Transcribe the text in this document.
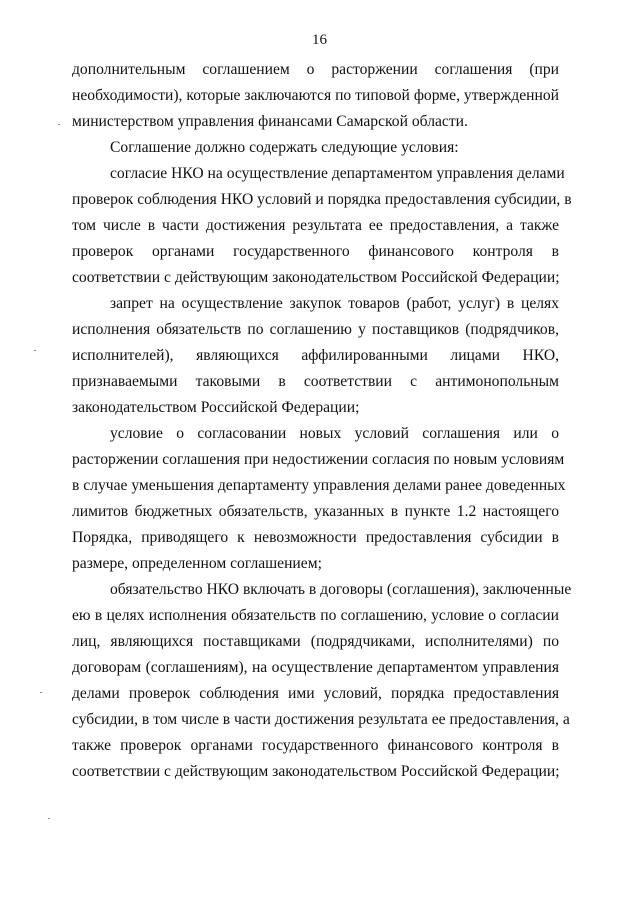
16
дополнительным соглашением о расторжении соглашения (при
необходимости), которые заключаются по типовой форме, утвержденной
министерством управления финансами Самарской области.
Соглашение должно содержать следующие условия:
согласие НКО на осуществление департаментом управления делами
проверок соблюдения НКО условий и порядка предоставления субсидии, в
том числе в части достижения результата ее предоставления, а также
проверок органами государственного финансового контроля в
соответствии с действующим законодательством Российской Федерации;
запрет на осуществление закупок товаров (работ, услуг) в целях
исполнения обязательств по соглашению у поставщиков (подрядчиков,
исполнителей), являющихся аффилированными лицами НКО,
признаваемыми таковыми в соответствии с антимонопольным
законодательством Российской Федерации;
условие о согласовании новых условий соглашения или о
расторжении соглашения при недостижении согласия по новым условиям
в случае уменьшения департаменту управления делами ранее доведенных
лимитов бюджетных обязательств, указанных в пункте 1.2 настоящего
Порядка, приводящего к невозможности предоставления субсидии в
размере, определенном соглашением;
обязательство НКО включать в договоры (соглашения), заключенные
ею в целях исполнения обязательств по соглашению, условие о согласии
лиц, являющихся поставщиками (подрядчиками, исполнителями) по
договорам (соглашениям), на осуществление департаментом управления
делами проверок соблюдения ими условий, порядка предоставления
субсидии, в том числе в части достижения результата ее предоставления, а
также проверок органами государственного финансового контроля в
соответствии с действующим законодательством Российской Федерации;
